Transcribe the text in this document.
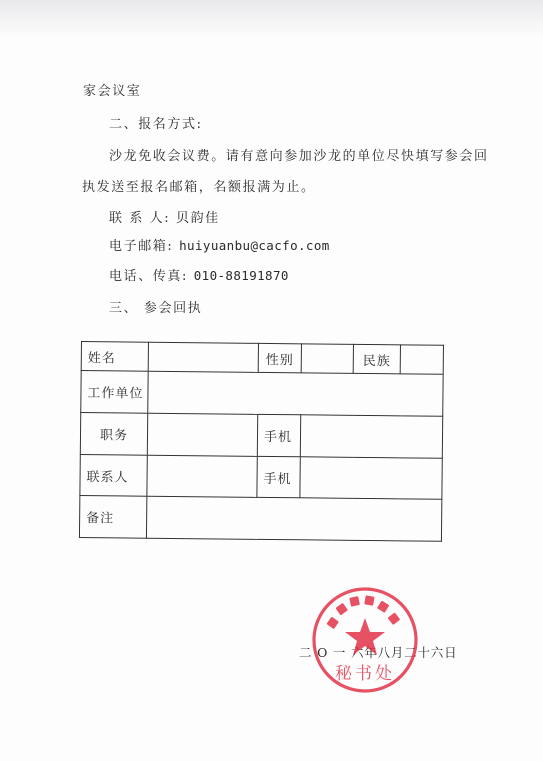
家会议室
二、报名方式:
沙龙免收会议费。请有意向参加沙龙的单位尽快填写参会回
执发送至报名邮箱，名额报满为止。
联 系 人: 贝韵佳
电子邮箱: huiyuanbu@cacfo.com
电话、传真: 010-88191870
三、 参会回执
姓名		性别		民族	
工作单位					
职务		手机			
联系人		手机			
备注					
二 O 一 六年八月二十六日
秘书处
